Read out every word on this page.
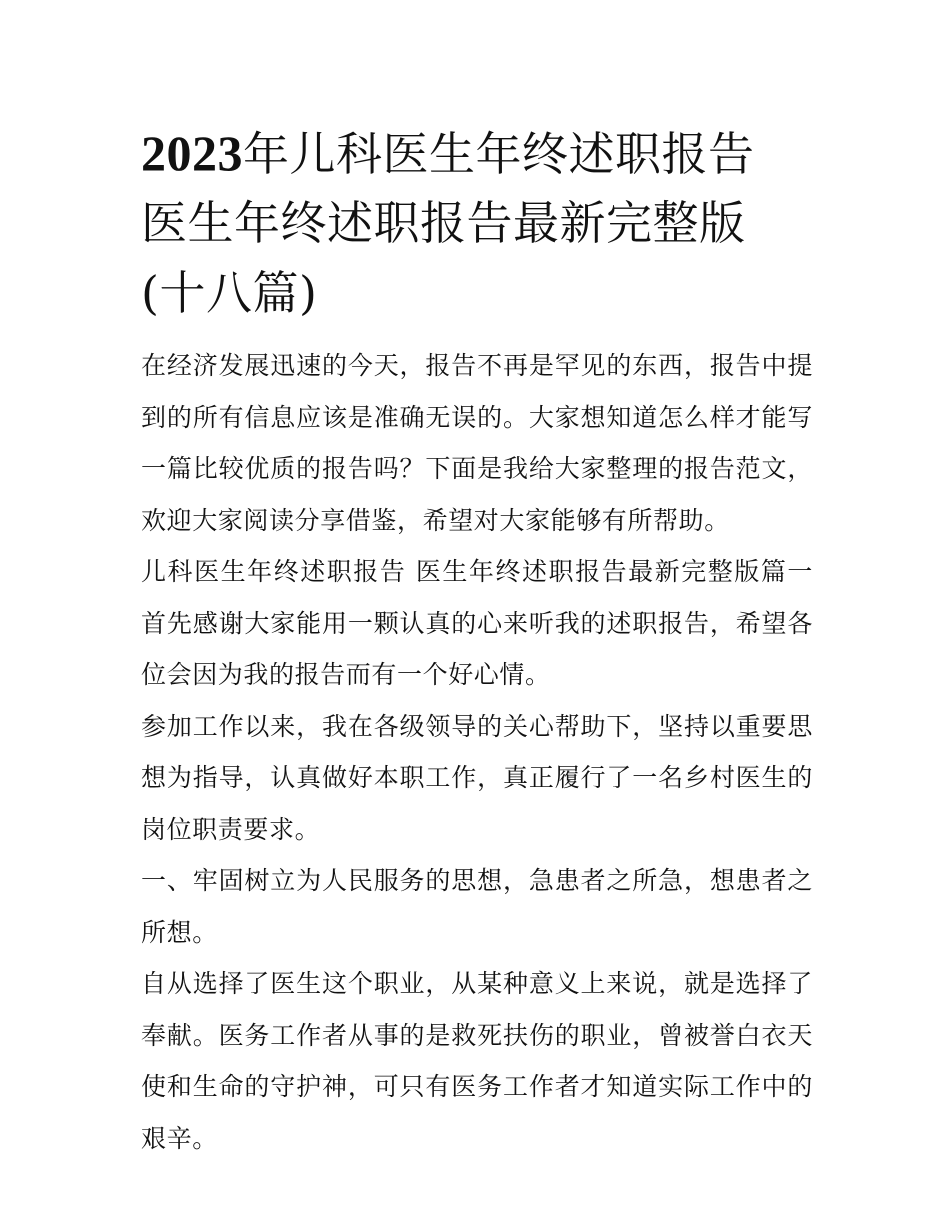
2023年儿科医生年终述职报告
医生年终述职报告最新完整版
(十八篇)

在经济发展迅速的今天，报告不再是罕见的东西，报告中提到的所有信息应该是准确无误的。大家想知道怎么样才能写一篇比较优质的报告吗？下面是我给大家整理的报告范文，欢迎大家阅读分享借鉴，希望对大家能够有所帮助。

儿科医生年终述职报告 医生年终述职报告最新完整版篇一 首先感谢大家能用一颗认真的心来听我的述职报告，希望各位会因为我的报告而有一个好心情。

参加工作以来，我在各级领导的关心帮助下，坚持以重要思想为指导，认真做好本职工作，真正履行了一名乡村医生的岗位职责要求。

一、牢固树立为人民服务的思想，急患者之所急，想患者之所想。

自从选择了医生这个职业，从某种意义上来说，就是选择了奉献。医务工作者从事的是救死扶伤的职业，曾被誉白衣天使和生命的守护神，可只有医务工作者才知道实际工作中的艰辛。
